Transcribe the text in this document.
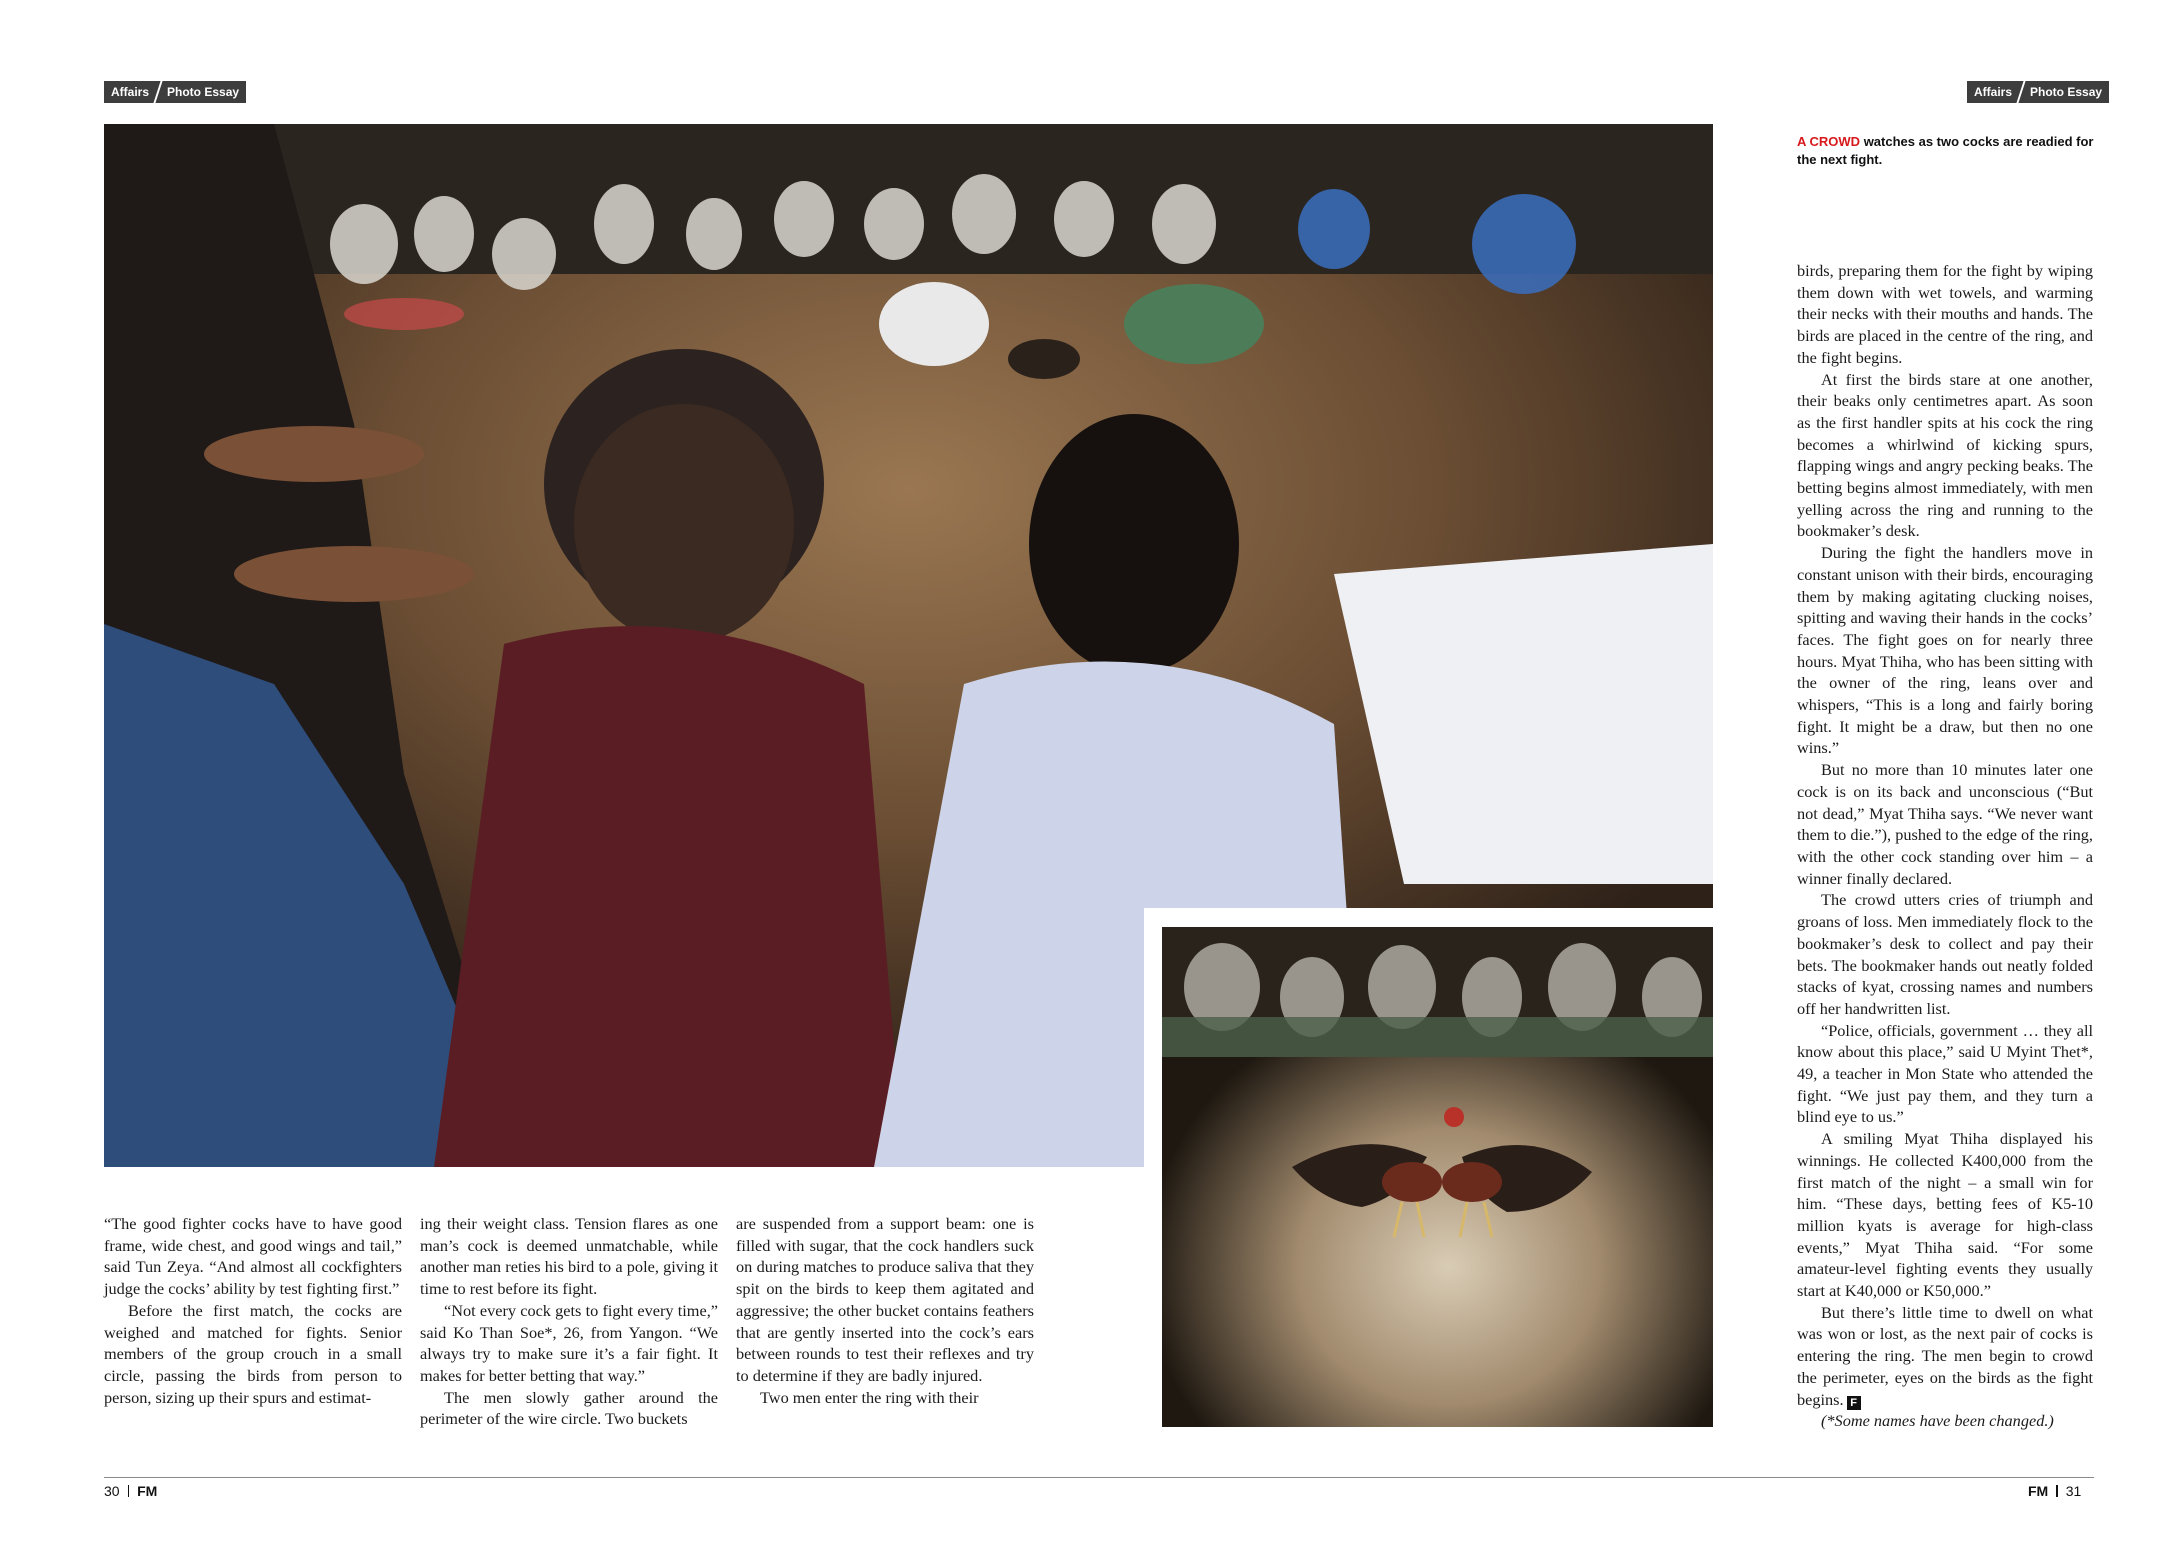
Affairs	Photo Essay	Affairs	Photo Essay
A CROWD watches as two cocks are readied for the next fight.

“The good fighter cocks have to have good frame, wide chest, and good wings and tail,” said Tun Zeya. “And almost all cockfighters judge the cocks’ ability by test fighting first.”

Before the first match, the cocks are weighed and matched for fights. Senior members of the group crouch in a small circle, passing the birds from person to person, sizing up their spurs and estimat-

ing their weight class. Tension flares as one man’s cock is deemed unmatchable, while another man reties his bird to a pole, giving it time to rest before its fight.

“Not every cock gets to fight every time,” said Ko Than Soe*, 26, from Yangon. “We always try to make sure it’s a fair fight. It makes for better betting that way.”

The men slowly gather around the perimeter of the wire circle. Two buckets

are suspended from a support beam: one is filled with sugar, that the cock handlers suck on during matches to produce saliva that they spit on the birds to keep them agitated and aggressive; the other bucket contains feathers that are gently inserted into the cock’s ears between rounds to test their reflexes and try to determine if they are badly injured.

Two men enter the ring with their

birds, preparing them for the fight by wiping them down with wet towels, and warming their necks with their mouths and hands. The birds are placed in the centre of the ring, and the fight begins.

At first the birds stare at one another, their beaks only centimetres apart. As soon as the first handler spits at his cock the ring becomes a whirlwind of kicking spurs, flapping wings and angry pecking beaks. The betting begins almost immediately, with men yelling across the ring and running to the bookmaker’s desk.

During the fight the handlers move in constant unison with their birds, encouraging them by making agitating clucking noises, spitting and waving their hands in the cocks’ faces. The fight goes on for nearly three hours. Myat Thiha, who has been sitting with the owner of the ring, leans over and whispers, “This is a long and fairly boring fight. It might be a draw, but then no one wins.”

But no more than 10 minutes later one cock is on its back and unconscious (“But not dead,” Myat Thiha says. “We never want them to die.”), pushed to the edge of the ring, with the other cock standing over him – a winner finally declared.

The crowd utters cries of triumph and groans of loss. Men immediately flock to the bookmaker’s desk to collect and pay their bets. The bookmaker hands out neatly folded stacks of kyat, crossing names and numbers off her handwritten list.

“Police, officials, government … they all know about this place,” said U Myint Thet*, 49, a teacher in Mon State who attended the fight. “We just pay them, and they turn a blind eye to us.”

A smiling Myat Thiha displayed his winnings. He collected K400,000 from the first match of the night – a small win for him. “These days, betting fees of K5-10 million kyats is average for high-class events,” Myat Thiha said. “For some amateur-level fighting events they usually start at K40,000 or K50,000.”

But there’s little time to dwell on what was won or lost, as the next pair of cocks is entering the ring. The men begin to crowd the perimeter, eyes on the birds as the fight begins. F

(*Some names have been changed.)

30 FM	FM 31
